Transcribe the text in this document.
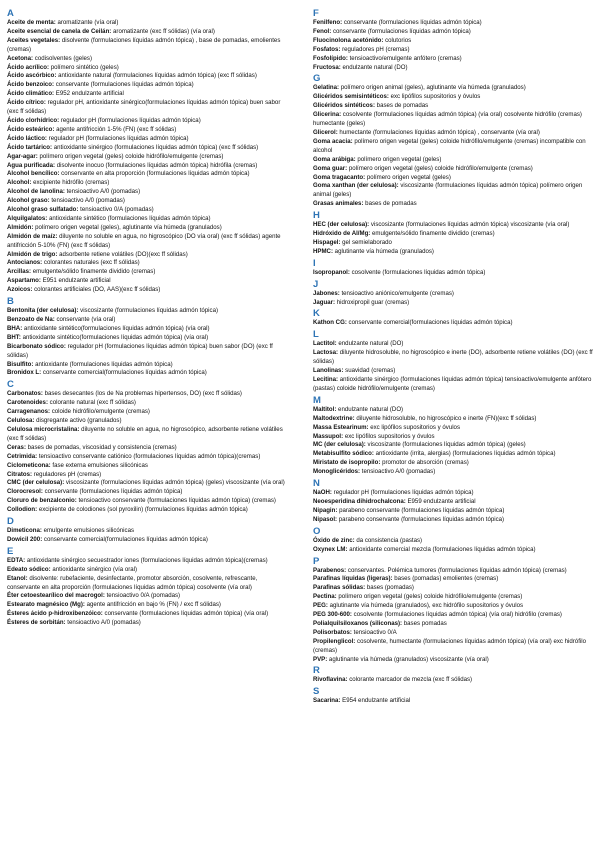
A
Aceite de menta: aromatizante (vía oral)
Aceite esencial de canela de Ceilán: aromatizante (exc ff sólidas) (vía oral)
Aceites vegetales: disolvente (formulaciones líquidas admón tópica) , base de pomadas, emolientes (cremas)
Acetona: codisolventes (geles)
Ácido acrílico: polímero sintético (geles)
Ácido ascórbico: antioxidante natural (formulaciones líquidas admón tópica) (exc ff sólidas)
Ácido benzoico: conservante (formulaciones líquidas admón tópica)
Ácido climático: E952 endulzante artificial
Ácido cítrico: regulador pH, antioxidante sinérgico(formulaciones líquidas admón tópica) buen sabor (exc ff sólidas)
Ácido clorhídrico: regulador pH (formulaciones líquidas admón tópica)
Ácido esteárico: agente antifricción 1-5% (FN) (exc ff sólidas)
Ácido láctico: regulador pH (formulaciones líquidas admón tópica)
Ácido tartárico: antioxidante sinérgico (formulaciones líquidas admón tópica) (exc ff sólidas)
Agar-agar: polímero origen vegetal (geles) coloide hidrófilo/emulgente (cremas)
Agua purificada: disolvente inocuo (formulaciones líquidas admón tópica) hidrófila (cremas)
Alcohol bencílico: conservante en alta proporción (formulaciones líquidas admón tópica)
Alcohol: excipiente hidrófilo (cremas)
Alcohol de lanolina: tensioactivo A/0 (pomadas)
Alcohol graso: tensioactivo A/0 (pomadas)
Alcohol graso sulfatado: tensioactivo 0/A (pomadas)
Alquilgalatos: antioxidante sintético (formulaciones líquidas admón tópica)
Almidón: polímero origen vegetal (geles), aglutinante vía húmeda (granulados)
Almidón de maíz: diluyente no soluble en agua, no higroscópico (DO vía oral) (exc ff sólidas) agente antifricción 5-10% (FN) (exc ff sólidas)
Almidón de trigo: adsorbente retiene volátiles (DO)(exc ff sólidas)
Antocianos: colorantes naturales (exc ff sólidas)
Arcillas: emulgente/sólido finamente dividido (cremas)
Aspartamo: E951 endulzante artificial
Azoicos: colorantes artificiales (DO, AAS)(exc ff sólidas)
B
Bentonita (der celulosa): viscosizante (formulaciones líquidas admón tópica)
Benzoato de Na: conservante (vía oral)
BHA: antioxidante sintético(formulaciones líquidas admón tópica) (vía oral)
BHT: antioxidante sintético(formulaciones líquidas admón tópica) (vía oral)
Bicarbonato sódico: regulador pH (formulaciones líquidas admón tópica) buen sabor (DO) (exc ff sólidas)
Bisulfito: antioxidante (formulaciones líquidas admón tópica)
Bronidox L: conservante comercial(formulaciones líquidas admón tópica)
C
Carbonatos: bases desecantes (los de Na problemas hipertensos, DO) (exc ff sólidas)
Carotenoides: colorante natural (exc ff sólidas)
Carragenanos: coloide hidrófilo/emulgente (cremas)
Celulosa: disgregante activo (granulados)
Celulosa microcristalina: diluyente no soluble en agua, no higroscópico, adsorbente retiene volátiles (exc ff sólidas)
Ceras: bases de pomadas, viscosidad y consistencia (cremas)
Cetrimida: tensioactivo conservante catiónico (formulaciones líquidas admón tópica)(cremas)
Ciclometicona: fase externa emulsiones silicónicas
Citratos: reguladores pH (cremas)
CMC (der celulosa): viscosizante (formulaciones líquidas admón tópica) (geles) viscosizante (vía oral)
Clorocresol: conservante (formulaciones líquidas admón tópica)
Cloruro de benzalconio: tensioactivo conservante (formulaciones líquidas admón tópica) (cremas)
Collodion: excipiente de colodiones (sol pyroxilin) (formulaciones líquidas admón tópica)
D
Dimeticona: emulgente emulsiones silicónicas
Dowicil 200: conservante comercial(formulaciones líquidas admón tópica)
E
EDTA: antioxidante sinérgico secuestrador iones (formulaciones líquidas admón tópica)(cremas)
Edeato sódico: antioxidante sinérgico (vía oral)
Etanol: disolvente: rubefaciente, desinfectante, promotor absorción, cosolvente, refrescante, conservante en alta proporción (formulaciones líquidas admón tópica) cosolvente (vía oral)
Éter cetoestearílico del macrogol: tensioactivo 0/A (pomadas)
Estearato magnésico (Mg): agente antifricción en bajo % (FN) / exc ff sólidas)
Ésteres ácido p-hidroxibenzóico: conservante (formulaciones líquidas admón tópica) (vía oral)
Ésteres de sorbitán: tensioactivo A/0 (pomadas)
F
Fenilfeno: conservante (formulaciones líquidas admón tópica)
Fenol: conservante (formulaciones líquidas admón tópica)
Fluocinolona acetónido: colutorios
Fosfatos: reguladores pH (cremas)
Fosfolípido: tensioactivo/emulgente anfótero (cremas)
Fructosa: endulzante natural (DO)
G
Gelatina: polímero origen animal (geles), aglutinante vía húmeda (granulados)
Glicéridos semisintéticos: exc lipófilos supositorios y óvulos
Glicéridos sintéticos: bases de pomadas
Glicerina: cosolvente (formulaciones líquidas admón tópica) (vía oral) cosolvente hidrófilo (cremas) humectante (geles)
Glicerol: humectante (formulaciones líquidas admón tópica) , conservante (vía oral)
Goma acacia: polímero origen vegetal (geles) coloide hidrófilo/emulgente (cremas) incompatible con alcohol
Goma arábiga: polímero origen vegetal (geles)
Goma guar: polímero origen vegetal (geles) coloide hidrófilo/emulgente (cremas)
Goma tragacanto: polímero origen vegetal (geles)
Goma xanthan (der celulosa): viscosizante (formulaciones líquidas admón tópica) polímero origen animal (geles)
Grasas animales: bases de pomadas
H
HEC (der celulosa): viscosizante (formulaciones líquidas admón tópica) viscosizante (vía oral)
Hidróxido de Al/Mg: emulgente/sólido finamente dividido (cremas)
Hispagel: gel semielaborado
HPMC: aglutinante vía húmeda (granulados)
I
Isopropanol: cosolvente (formulaciones líquidas admón tópica)
J
Jabones: tensioactivo aniónico/emulgente (cremas)
Jaguar: hidroxipropil guar (cremas)
K
Kathon CG: conservante comercial(formulaciones líquidas admón tópica)
L
Lactitol: endulzante natural (DO)
Lactosa: diluyente hidrosoluble, no higroscópico e inerte (DO), adsorbente retiene volátiles (DO) (exc ff sólidas)
Lanolinas: suavidad (cremas)
Lecitina: antioxidante sinérgico (formulaciones líquidas admón tópica) tensioactivo/emulgente anfótero (pastas) coloide hidrófilo/emulgente (cremas)
M
Maltitol: endulzante natural (DO)
Maltodextrine: diluyente hidrosoluble, no higroscópico e inerte (FN)(exc ff sólidas)
Massa Estearinum: exc lipófilos supositorios y óvulos
Massupol: exc lipófilos supositorios y óvulos
MC (der celulosa): viscosizante (formulaciones líquidas admón tópica) (geles)
Metabisulfito sódico: antioxidante (irrita, alergias) (formulaciones líquidas admón tópica)
Miristato de isopropilo: promotor de absorción (cremas)
Monoglicéridos: tensioactivo A/0 (pomadas)
N
NaOH: regulador pH (formulaciones líquidas admón tópica)
Neoesperidina dihidrochalcona: E959 endulzante artificial
Nipagin: parabeno conservante (formulaciones líquidas admón tópica)
Nipasol: parabeno conservante (formulaciones líquidas admón tópica)
O
Óxido de zinc: da consistencia (pastas)
Oxynex LM: antioxidante comercial mezcla (formulaciones líquidas admón tópica)
P
Parabenos: conservantes. Polémica tumores (formulaciones líquidas admón tópica) (cremas)
Parafinas líquidas (ligeras): bases (pomadas) emolientes (cremas)
Parafinas sólidas: bases (pomadas)
Pectina: polímero origen vegetal (geles) coloide hidrófilo/emulgente (cremas)
PEG: aglutinante vía húmeda (granulados), exc hidrófilo supositorios y óvulos
PEG 300-600: cosolvente (formulaciones líquidas admón tópica) (vía oral) hidrófilo (cremas)
Polialquilsiloxanos (siliconas): bases pomadas
Polisorbatos: tensioactivo 0/A
Propilenglicol: cosolvente, humectante (formulaciones líquidas admón tópica) (vía oral) exc hidrófilo (cremas)
PVP: aglutinante vía húmeda (granulados) viscosizante (vía oral)
R
Rivoflavina: colorante marcador de mezcla (exc ff sólidas)
S
Sacarina: E954 endulzante artificial
